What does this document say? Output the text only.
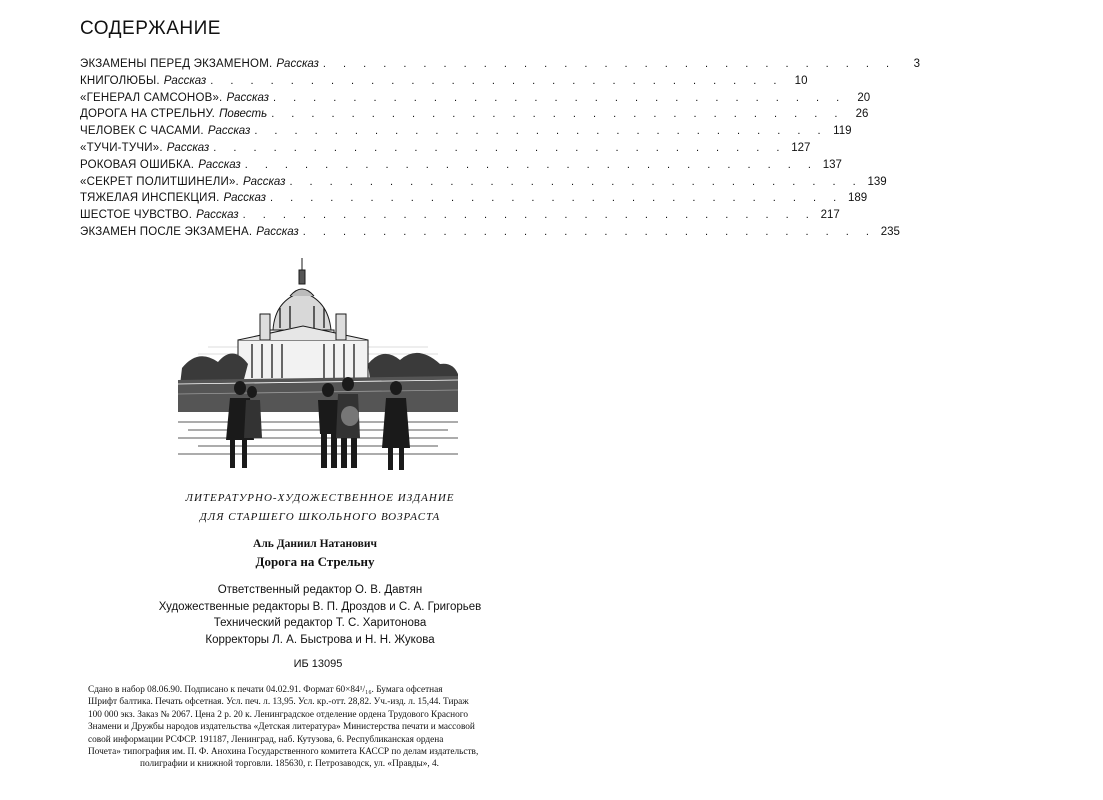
СОДЕРЖАНИЕ
ЭКЗАМЕНЫ ПЕРЕД ЭКЗАМЕНОМ. Рассказ . . . . . . . . . . . . . . . . . . . . . . . . . . . . .	3
КНИГОЛЮБЫ. Рассказ . . . . . . . . . . . . . . . . . . . . . . . . . . . . . 10
«ГЕНЕРАЛ САМСОНОВ». Рассказ . . . . . . . . . . . . . . . . . . . . . . . . . . . . . 20
ДОРОГА НА СТРЕЛЬНУ. Повесть . . . . . . . . . . . . . . . . . . . . . . . . . . . . . 26
ЧЕЛОВЕК С ЧАСАМИ. Рассказ . . . . . . . . . . . . . . . . . . . . . . . . . . . . . 119
«ТУЧИ-ТУЧИ». Рассказ . . . . . . . . . . . . . . . . . . . . . . . . . . . . . 127
РОКОВАЯ ОШИБКА. Рассказ . . . . . . . . . . . . . . . . . . . . . . . . . . . . . 137
«СЕКРЕТ ПОЛИТШИНЕЛИ». Рассказ . . . . . . . . . . . . . . . . . . . . . . . . . . . . . 139
ТЯЖЕЛАЯ ИНСПЕКЦИЯ. Рассказ . . . . . . . . . . . . . . . . . . . . . . . . . . . . . 189
ШЕСТОЕ ЧУВСТВО. Рассказ . . . . . . . . . . . . . . . . . . . . . . . . . . . . . 217
ЭКЗАМЕН ПОСЛЕ ЭКЗАМЕНА. Рассказ . . . . . . . . . . . . . . . . . . . . . . . . . . . . . 235
ЛИТЕРАТУРНО-ХУДОЖЕСТВЕННОЕ ИЗДАНИЕ
ДЛЯ СТАРШЕГО ШКОЛЬНОГО ВОЗРАСТА
Аль Даниил Натанович
Дорога на Стрельну
Ответственный редактор О. В. Давтян
Художественные редакторы В. П. Дроздов и С. А. Григорьев
Технический редактор Т. С. Харитонова
Корректоры Л. А. Быстрова и Н. Н. Жукова
ИБ 13095
Сдано в набор 08.06.90. Подписано к печати 04.02.91. Формат 60×84¹/₁₆. Бумага офсетная
Шрифт балтика. Печать офсетная. Усл. печ. л. 13,95. Усл. кр.-отт. 28,82. Уч.-изд. л. 15,44. Тираж
100 000 экз. Заказ № 2067. Цена 2 р. 20 к. Ленинградское отделение ордена Трудового Красного
Знамени и Дружбы народов издательства «Детская литература» Министерства печати и массовой
совой информации РСФСР. 191187, Ленинград, наб. Кутузова, 6. Республиканская ордена
Почета» типография им. П. Ф. Анохина Государственного комитета КАССР по делам издательств,
полиграфии и книжной торговли. 185630, г. Петрозаводск, ул. «Правды», 4.
